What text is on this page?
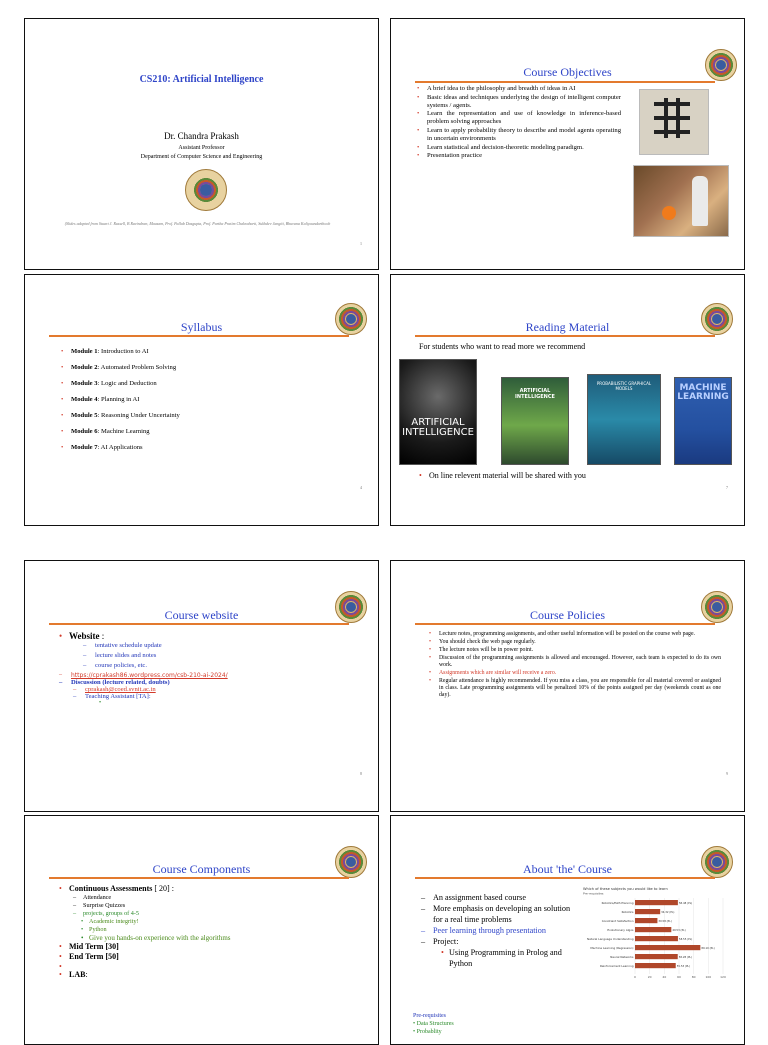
CS210: Artificial Intelligence
Dr. Chandra Prakash
Assistant Professor
Department of Computer Science and Engineering
(Slides adapted from Stuart J. Russell, B Ravindran, Mausam, Prof. Pallab Dasgupta, Prof. Partha Pratim Chakrabarti, Sukhdev Jangiti, Bhuvana Kaliyaundarthoob
1
Course Objectives
• A brief idea to the philosophy and breadth of ideas in AI
• Basic ideas and techniques underlying the design of intelligent computer systems / agents.
• Learn the representation and use of knowledge in inference-based problem solving approaches
• Learn to apply probability theory to describe and model agents operating in uncertain environments
• Learn statistical and decision-theoretic modeling paradigm.
• Presentation practice
Syllabus
• Module 1: Introduction to AI
• Module 2: Automated Problem Solving
• Module 3: Logic and Deduction
• Module 4: Planning in AI
• Module 5: Reasoning Under Uncertainty
• Module 6: Machine Learning
• Module 7: AI Applications
4
Reading Material
For students who want to read more we recommend
ARTIFICIAL INTELLIGENCE
ARTIFICIAL INTELLIGENCE
PROBABILISTIC GRAPHICAL MODELS	MACHINE LEARNING
• On line relevent material will be shared with you
7
Course website
• Website :
– tentative schedule update
– lecture slides and notes
– course policies, etc.
– https://cprakash86.wordpress.com/csb-210-ai-2024/
– Discussion (lecture related, doubts)
– cprakash@coed.svnit.ac.in
– Teaching Assistant [TA]:
•
8
Course Policies
• Lecture notes, programming assignments, and other useful information will be posted on the course web page.
• You should check the web page regularly.
• The lecture notes will be in power point.
• Discussion of the programming assignments is allowed and encouraged. However, each team is expected to do its own work.
• Assignments which are similar will receive a zero.
• Regular attendance is highly recommended. If you miss a class, you are responsible for all material covered or assigned in class. Late programming assignments will be penalized 10% of the points assigned per day (weekends count as one day).
9
Course Components
• Continuous Assessments [ 20] :
– Attendance
– Surprise Quizzes
– projects, groups of 4-5
• Academic integrity!
• Python
• Give you hands-on experience with the algorithms
• Mid Term [30]
• End Term [50]
•
• LAB:
About 'the' Course
– An assignment based course
– More emphasis on developing an solution for a real time problems
– Peer learning through presentation
– Project:
• Using Programming in Prolog and Python
Which of these subjects you would like to learn
Pre-requisites
0	20	40	60	80	100	120
Robotics/Path Planning	58.48 (PL)
Robotics	34.32 (PL)
Constraint Satisfaction	30.58 (PL)
Evolutionary Algos	49.53 (PL)
Natural Language Understanding	58.55 (PL)
Machine Learning (Regression)	89.10 (PL)
Neural Networks	58.28 (PL)
Reinforcement Learning	55.53 (PL)
Pre-requisites
• Data Structures
• Probablity
